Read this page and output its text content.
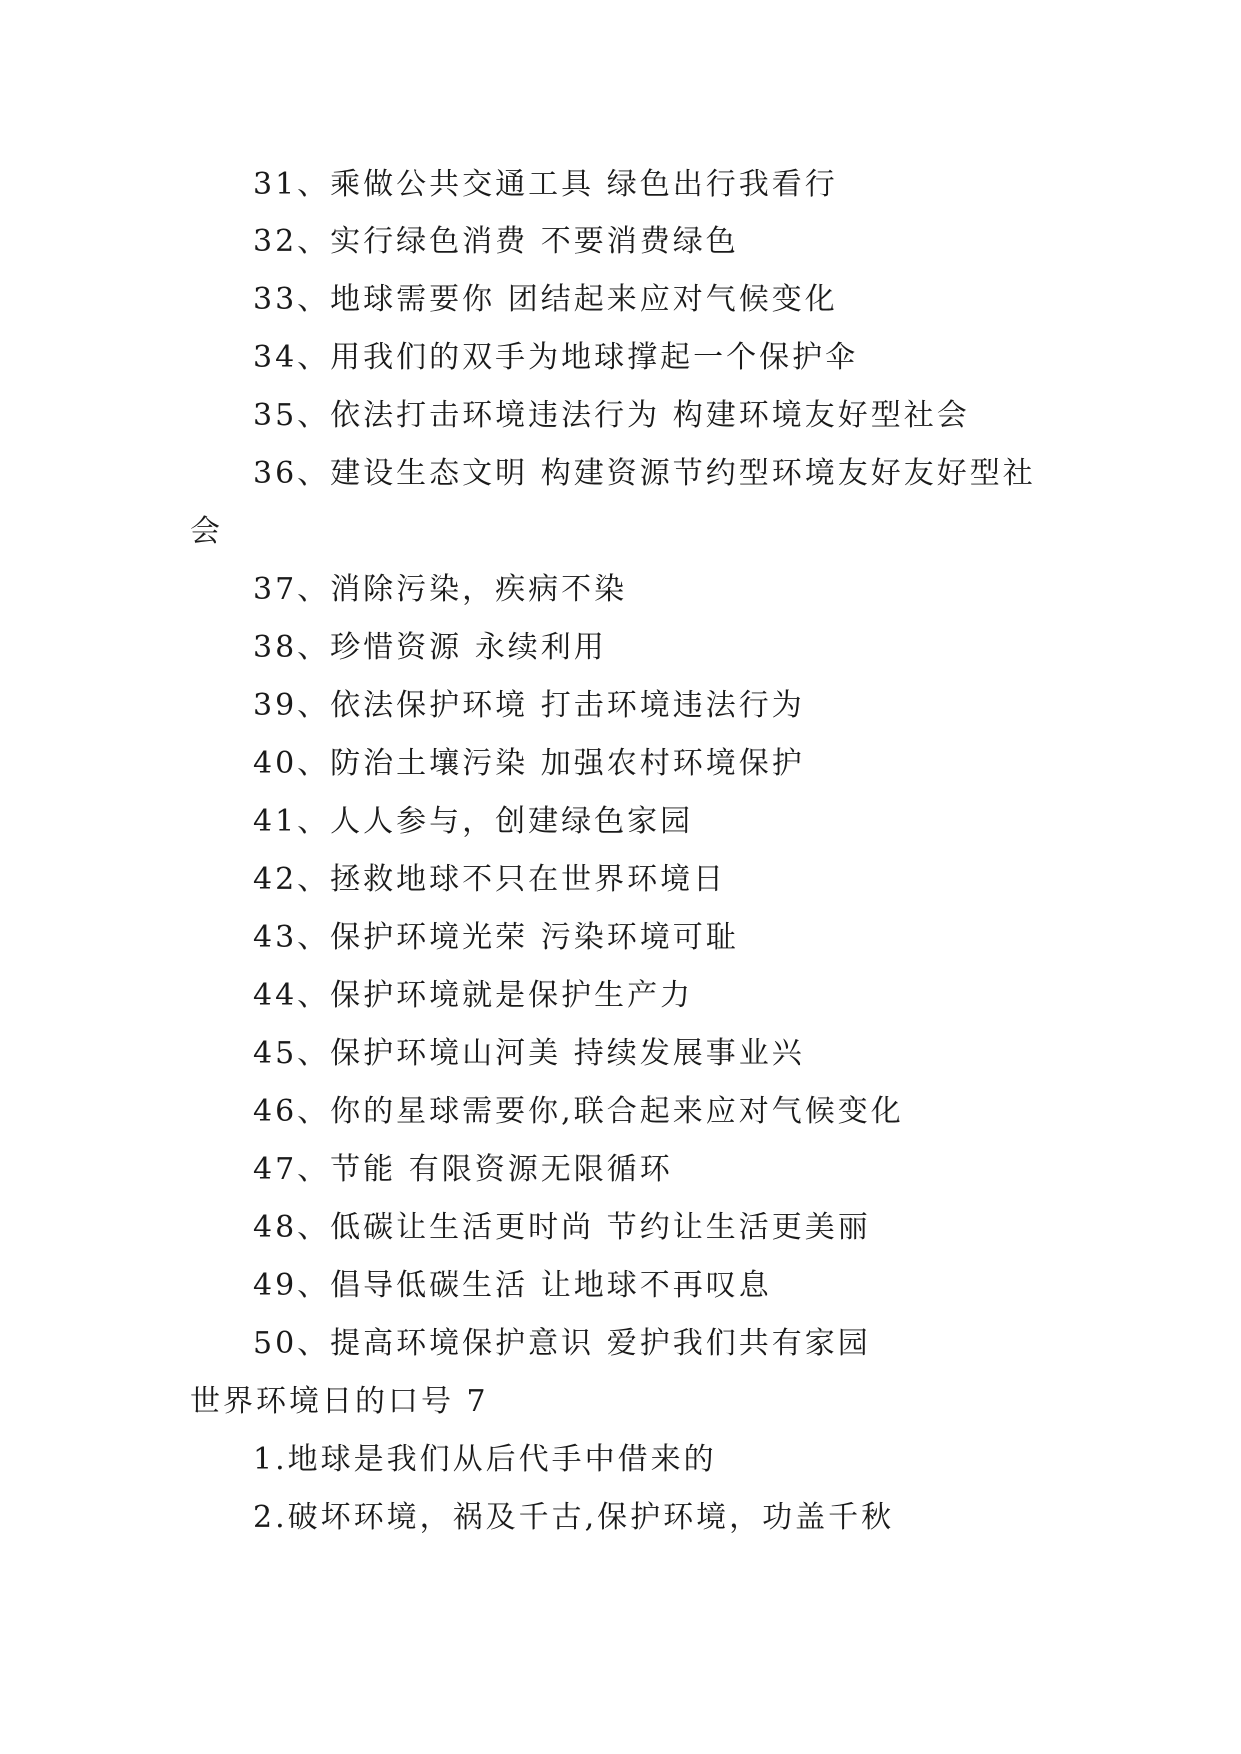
31、乘做公共交通工具 绿色出行我看行
32、实行绿色消费 不要消费绿色
33、地球需要你 团结起来应对气候变化
34、用我们的双手为地球撑起一个保护伞
35、依法打击环境违法行为 构建环境友好型社会
36、建设生态文明 构建资源节约型环境友好友好型社
会
37、消除污染，疾病不染
38、珍惜资源 永续利用
39、依法保护环境 打击环境违法行为
40、防治土壤污染 加强农村环境保护
41、人人参与，创建绿色家园
42、拯救地球不只在世界环境日
43、保护环境光荣 污染环境可耻
44、保护环境就是保护生产力
45、保护环境山河美 持续发展事业兴
46、你的星球需要你,联合起来应对气候变化
47、节能 有限资源无限循环
48、低碳让生活更时尚 节约让生活更美丽
49、倡导低碳生活 让地球不再叹息
50、提高环境保护意识 爱护我们共有家园
世界环境日的口号 7
1.地球是我们从后代手中借来的
2.破坏环境，祸及千古,保护环境，功盖千秋
